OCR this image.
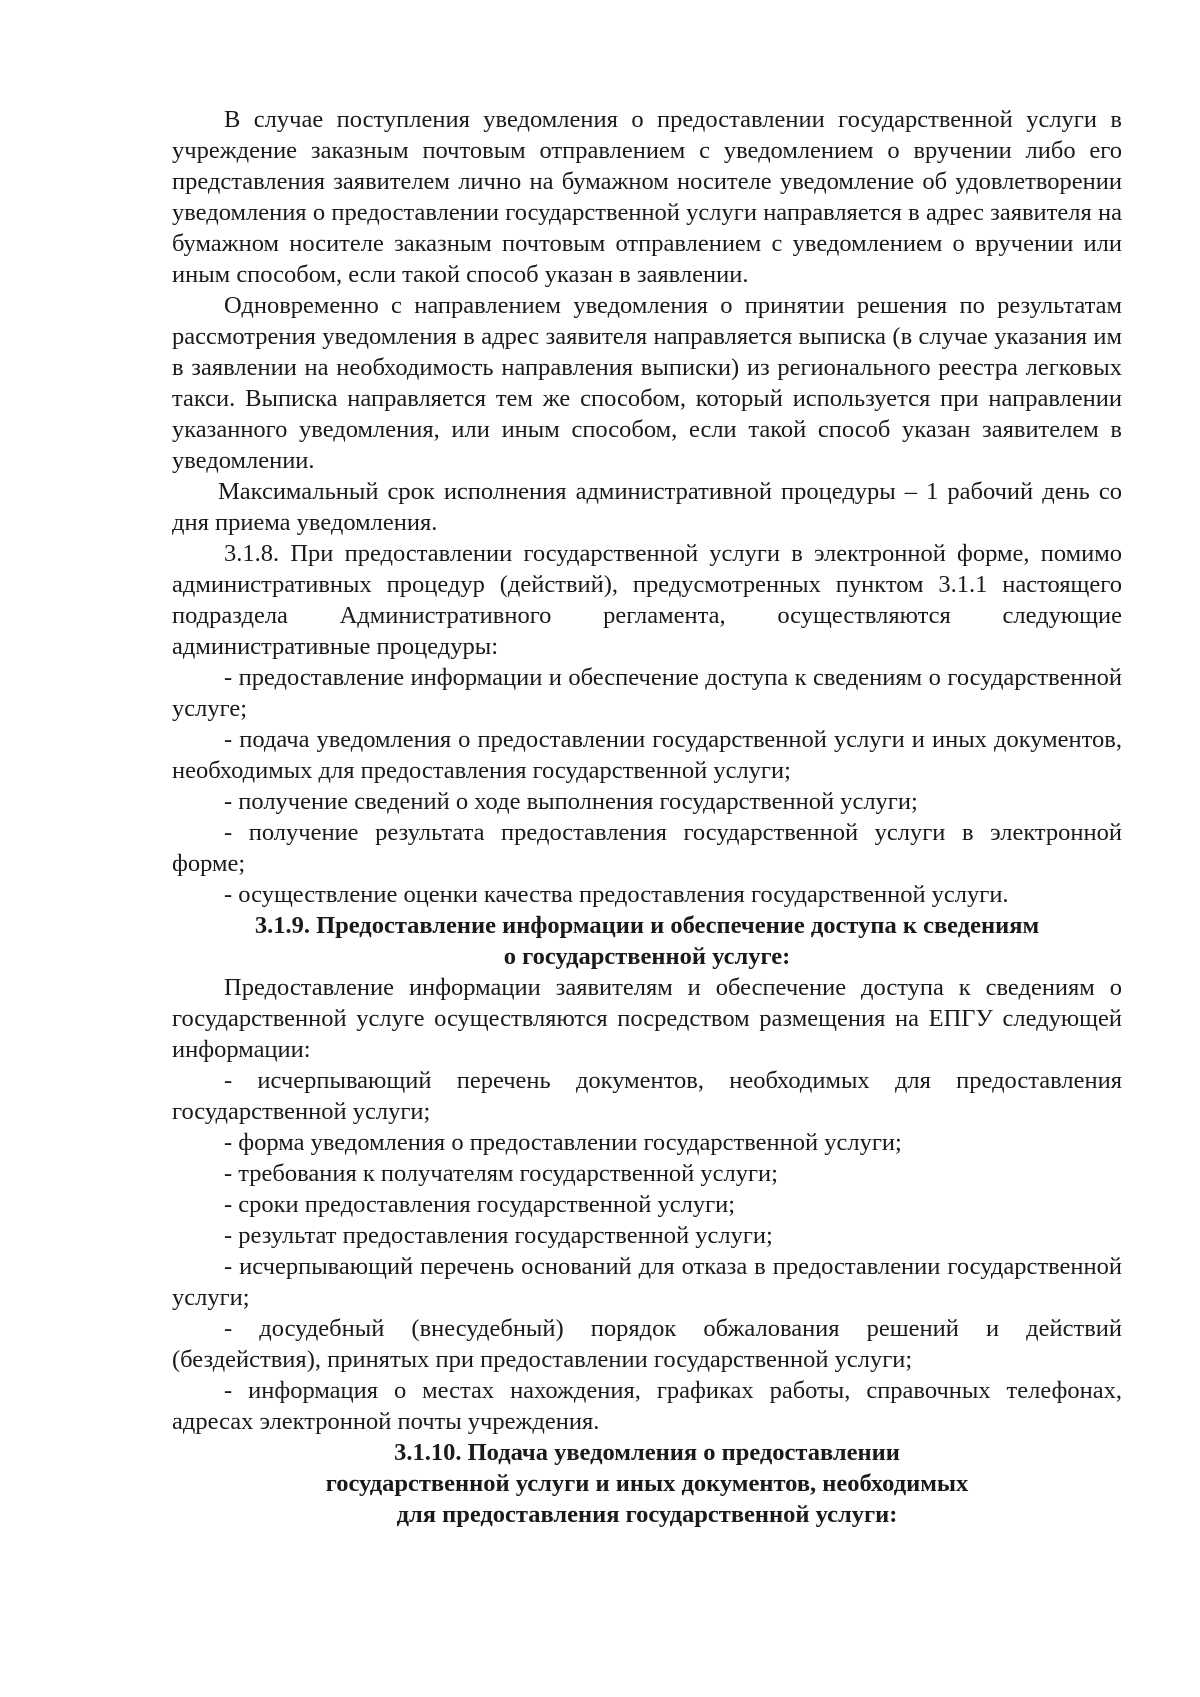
В случае поступления уведомления о предоставлении государственной услуги в учреждение заказным почтовым отправлением с уведомлением о вручении либо его представления заявителем лично на бумажном носителе уведомление об удовлетворении уведомления о предоставлении государственной услуги направляется в адрес заявителя на бумажном носителе заказным почтовым отправлением с уведомлением о вручении или иным способом, если такой способ указан в заявлении.

Одновременно с направлением уведомления о принятии решения по результатам рассмотрения уведомления в адрес заявителя направляется выписка (в случае указания им в заявлении на необходимость направления выписки) из регионального реестра легковых такси. Выписка направляется тем же способом, который используется при направлении указанного уведомления, или иным способом, если такой способ указан заявителем в уведомлении.

Максимальный срок исполнения административной процедуры – 1 рабочий день со дня приема уведомления.

3.1.8. При предоставлении государственной услуги в электронной форме, помимо административных процедур (действий), предусмотренных пунктом 3.1.1 настоящего подраздела Административного регламента, осуществляются следующие административные процедуры:

- предоставление информации и обеспечение доступа к сведениям о государственной услуге;

- подача уведомления о предоставлении государственной услуги и иных документов, необходимых для предоставления государственной услуги;

- получение сведений о ходе выполнения государственной услуги;

- получение результата предоставления государственной услуги в электронной форме;

- осуществление оценки качества предоставления государственной услуги.

3.1.9. Предоставление информации и обеспечение доступа к сведениям
о государственной услуге:

Предоставление информации заявителям и обеспечение доступа к сведениям о государственной услуге осуществляются посредством размещения на ЕПГУ следующей информации:

- исчерпывающий перечень документов, необходимых для предоставления государственной услуги;

- форма уведомления о предоставлении государственной услуги;

- требования к получателям государственной услуги;

- сроки предоставления государственной услуги;

- результат предоставления государственной услуги;

- исчерпывающий перечень оснований для отказа в предоставлении государственной услуги;

- досудебный (внесудебный) порядок обжалования решений и действий (бездействия), принятых при предоставлении государственной услуги;

- информация о местах нахождения, графиках работы, справочных телефонах, адресах электронной почты учреждения.

3.1.10. Подача уведомления о предоставлении
государственной услуги и иных документов, необходимых
для предоставления государственной услуги:
